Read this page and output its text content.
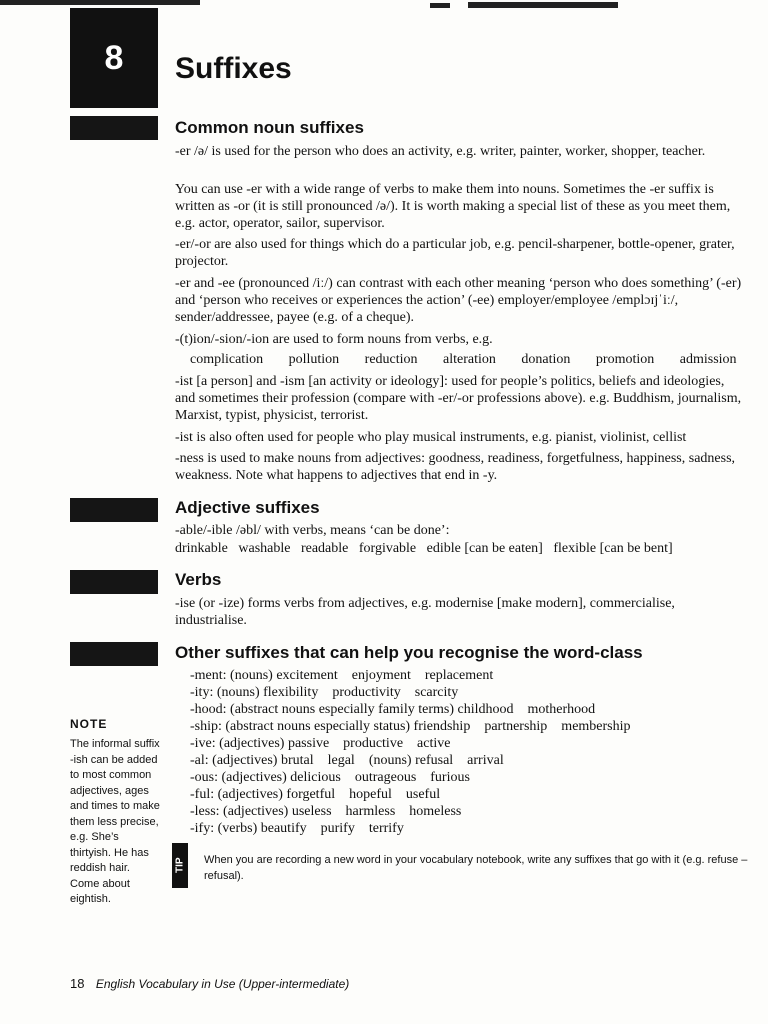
8	Suffixes
Common noun suffixes

-er /ə/ is used for the person who does an activity, e.g. writer, painter, worker, shopper, teacher.

You can use -er with a wide range of verbs to make them into nouns. Sometimes the -er suffix is written as -or (it is still pronounced /ə/). It is worth making a special list of these as you meet them, e.g. actor, operator, sailor, supervisor.

-er/-or are also used for things which do a particular job, e.g. pencil-sharpener, bottle-opener, grater, projector.

-er and -ee (pronounced /iː/) can contrast with each other meaning ‘person who does something’ (-er) and ‘person who receives or experiences the action’ (-ee) employer/employee /emplɔɪjˈiː/, sender/addressee, payee (e.g. of a cheque).

-(t)ion/-sion/-ion are used to form nouns from verbs, e.g.

complication pollution reduction alteration donation promotion admission

-ist [a person] and -ism [an activity or ideology]: used for people’s politics, beliefs and ideologies, and sometimes their profession (compare with -er/-or professions above). e.g. Buddhism, journalism, Marxist, typist, physicist, terrorist.

-ist is also often used for people who play musical instruments, e.g. pianist, violinist, cellist

-ness is used to make nouns from adjectives: goodness, readiness, forgetfulness, happiness, sadness, weakness. Note what happens to adjectives that end in -y.

Adjective suffixes

-able/-ible /əbl/ with verbs, means ‘can be done’:

drinkable   washable   readable   forgivable   edible [can be eaten]   flexible [can be bent]

Verbs

-ise (or -ize) forms verbs from adjectives, e.g. modernise [make modern], commercialise, industrialise.

Other suffixes that can help you recognise the word-class
-ment: (nouns) excitement    enjoyment    replacement
-ity: (nouns) flexibility    productivity    scarcity
-hood: (abstract nouns especially family terms) childhood    motherhood
-ship: (abstract nouns especially status) friendship    partnership    membership
-ive: (adjectives) passive    productive    active
-al: (adjectives) brutal    legal    (nouns) refusal    arrival
-ous: (adjectives) delicious    outrageous    furious
-ful: (adjectives) forgetful    hopeful    useful
-less: (adjectives) useless    harmless    homeless
-ify: (verbs) beautify    purify    terrify
NOTE
The informal suffix -ish can be added to most common adjectives, ages and times to make them less precise, e.g. She’s thirtyish. He has reddish hair. Come about eightish.
TIP When you are recording a new word in your vocabulary notebook, write any suffixes that go with it (e.g. refuse – refusal).
18 English Vocabulary in Use (Upper-intermediate)
